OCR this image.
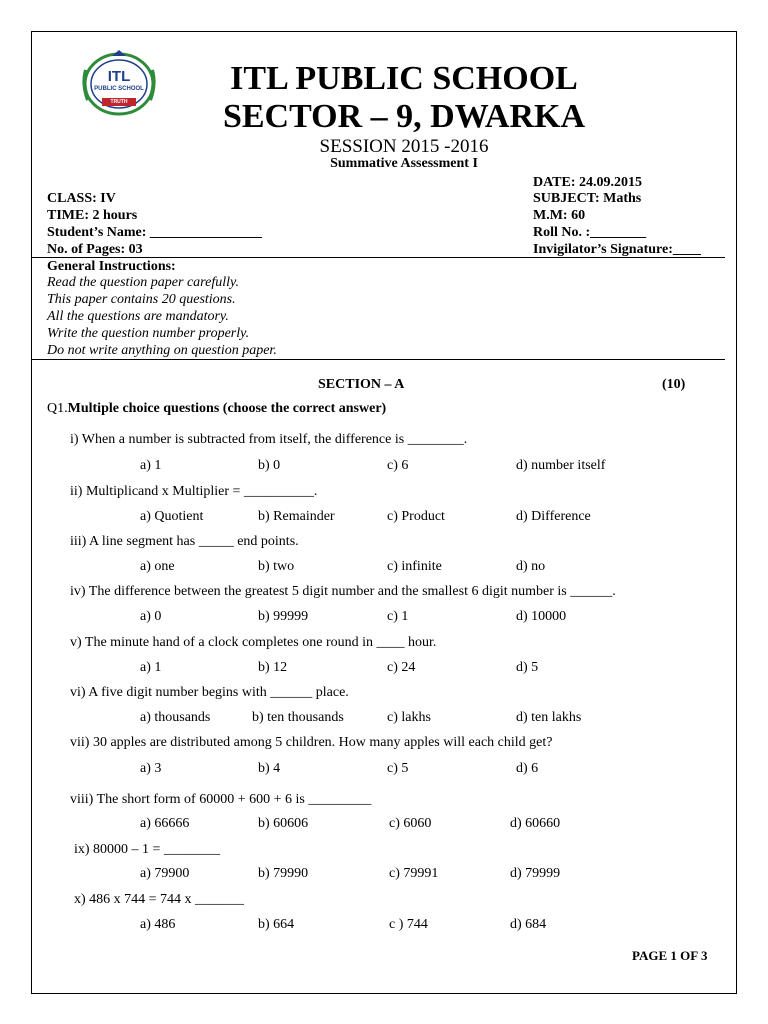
ITL
PUBLIC SCHOOL
TRUTH
ITL PUBLIC SCHOOL
SECTOR – 9, DWARKA
SESSION 2015 -2016
Summative Assessment I
DATE: 24.09.2015
CLASS: IV
TIME: 2 hours
Student’s Name: ________________
No. of Pages: 03
SUBJECT: Maths
M.M: 60
Roll No. :________
Invigilator’s Signature:____
General Instructions:
Read the question paper carefully.
This paper contains 20 questions.
All the questions are mandatory.
Write the question number properly.
Do not write anything on question paper.
SECTION – A	(10)
Q1.Multiple choice questions (choose the correct answer)
i) When a number is subtracted from itself, the difference is ________.
a) 1	b) 0	c) 6	d) number itself
ii) Multiplicand x Multiplier = __________.
a) Quotient	b) Remainder	c) Product	d) Difference
iii) A line segment has _____ end points.
a) one	b) two	c) infinite	d) no
iv) The difference between the greatest 5 digit number and the smallest 6 digit number is ______.
a) 0	b) 99999	c) 1	d) 10000
v) The minute hand of a clock completes one round in ____ hour.
a) 1	b) 12	c) 24	d) 5
vi) A five digit number begins with ______ place.
a) thousands	b) ten thousands	c) lakhs	d) ten lakhs
vii) 30 apples are distributed among 5 children. How many apples will each child get?
a) 3	b) 4	c) 5	d) 6
viii) The short form of 60000 + 600 + 6 is _________
a) 66666	b) 60606	c) 6060	d) 60660
ix) 80000 – 1 = ________
a) 79900	b) 79990	c) 79991	d) 79999
x) 486 x 744 = 744 x _______
a) 486	b) 664	c ) 744	d) 684
PAGE 1 OF 3
